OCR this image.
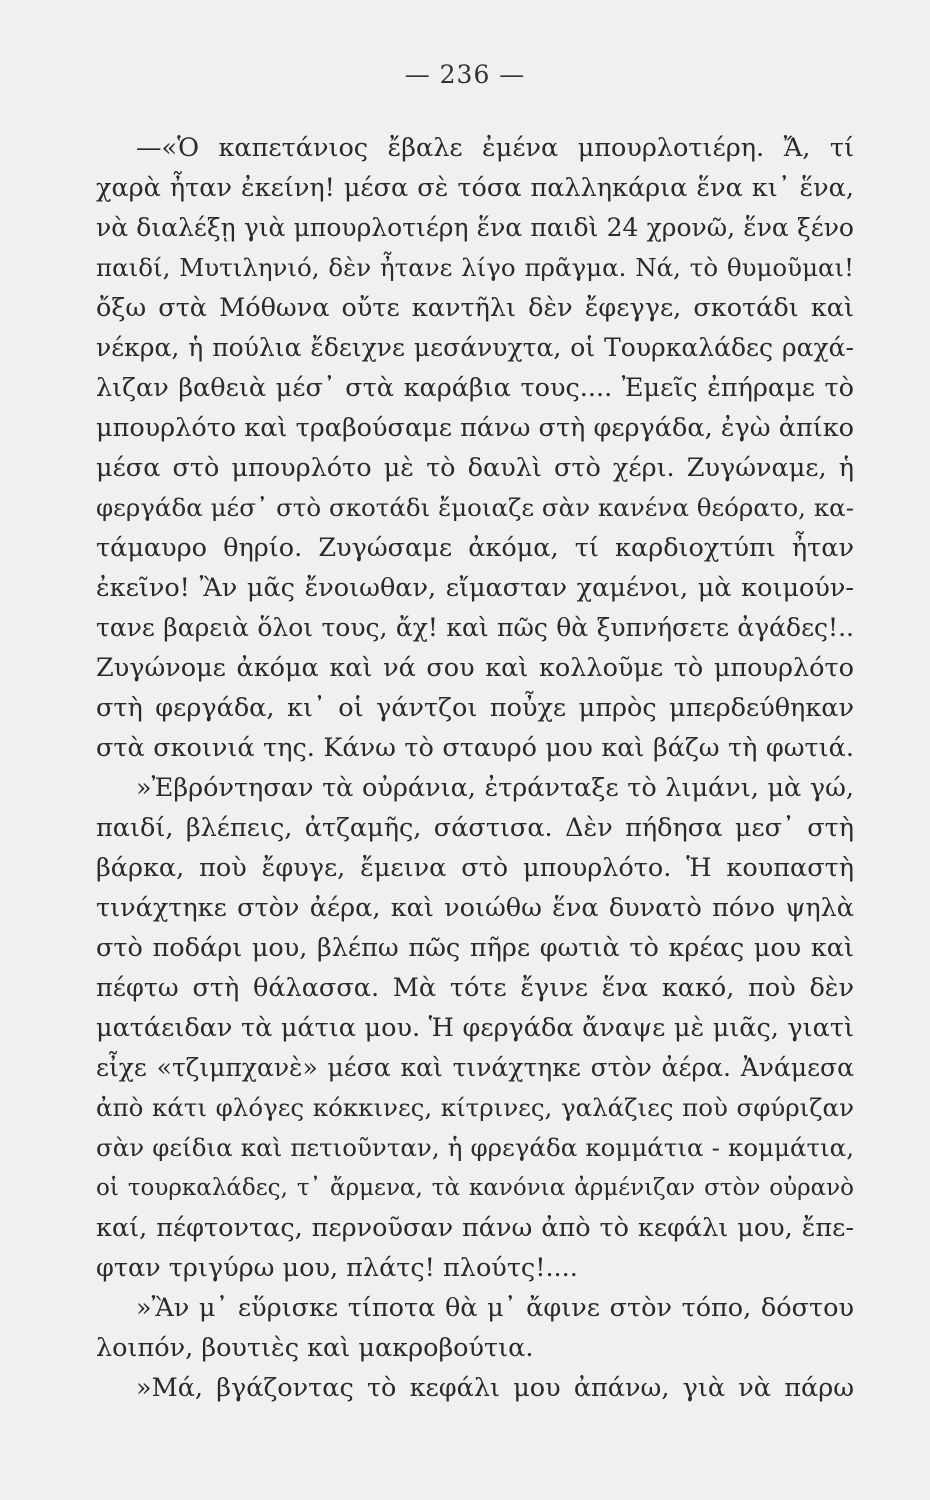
— 236 —
—«Ὁ καπετάνιος ἔβαλε ἐμένα μπουρλοτιέρη. Ἄ, τί
χαρὰ ἦταν ἐκείνη! μέσα σὲ τόσα παλληκάρια ἕνα κι᾽ ἕνα,
νὰ διαλέξῃ γιὰ μπουρλοτιέρη ἕνα παιδὶ 24 χρονῶ, ἕνα ξένο
παιδί, Μυτιληνιό, δὲν ἦτανε λίγο πρᾶγμα. Νά, τὸ θυμοῦμαι!
ὄξω στὰ Μόθωνα οὔτε καντῆλι δὲν ἔφεγγε, σκοτάδι καὶ
νέκρα, ἡ πούλια ἔδειχνε μεσάνυχτα, οἱ Τουρκαλάδες ραχά-
λιζαν βαθειὰ μέσ᾽ στὰ καράβια τους.... Ἐμεῖς ἐπήραμε τὸ
μπουρλότο καὶ τραβούσαμε πάνω στὴ φεργάδα, ἐγὼ ἀπίκο
μέσα στὸ μπουρλότο μὲ τὸ δαυλὶ στὸ χέρι. Ζυγώναμε, ἡ
φεργάδα μέσ᾽ στὸ σκοτάδι ἔμοιαζε σὰν κανένα θεόρατο, κα-
τάμαυρο θηρίο. Ζυγώσαμε ἀκόμα, τί καρδιοχτύπι ἦταν
ἐκεῖνο! Ἂν μᾶς ἔνοιωθαν, εἴμασταν χαμένοι, μὰ κοιμούν-
τανε βαρειὰ ὅλοι τους, ἄχ! καὶ πῶς θὰ ξυπνήσετε ἀγάδες!..
Ζυγώνομε ἀκόμα καὶ νά σου καὶ κολλοῦμε τὸ μπουρλότο
στὴ φεργάδα, κι᾽ οἱ γάντζοι ποὖχε μπρὸς μπερδεύθηκαν
στὰ σκοινιά της. Κάνω τὸ σταυρό μου καὶ βάζω τὴ φωτιά.
»Ἐβρόντησαν τὰ οὐράνια, ἐτράνταξε τὸ λιμάνι, μὰ γώ,
παιδί, βλέπεις, ἀτζαμῆς, σάστισα. Δὲν πήδησα μεσ᾽ στὴ
βάρκα, ποὺ ἔφυγε, ἔμεινα στὸ μπουρλότο. Ἡ κουπαστὴ
τινάχτηκε στὸν ἀέρα, καὶ νοιώθω ἕνα δυνατὸ πόνο ψηλὰ
στὸ ποδάρι μου, βλέπω πῶς πῆρε φωτιὰ τὸ κρέας μου καὶ
πέφτω στὴ θάλασσα. Μὰ τότε ἔγινε ἕνα κακό, ποὺ δὲν
ματάειδαν τὰ μάτια μου. Ἡ φεργάδα ἄναψε μὲ μιᾶς, γιατὶ
εἶχε «τζιμπχανὲ» μέσα καὶ τινάχτηκε στὸν ἀέρα. Ἀνάμεσα
ἀπὸ κάτι φλόγες κόκκινες, κίτρινες, γαλάζιες ποὺ σφύριζαν
σὰν φείδια καὶ πετιοῦνταν, ἡ φρεγάδα κομμάτια - κομμάτια,
οἱ τουρκαλάδες, τ᾽ ἄρμενα, τὰ κανόνια ἀρμένιζαν στὸν οὐρανὸ
καί, πέφτοντας, περνοῦσαν πάνω ἀπὸ τὸ κεφάλι μου, ἔπε-
φταν τριγύρω μου, πλάτς! πλούτς!....
»Ἂν μ᾽ εὕρισκε τίποτα θὰ μ᾽ ἄφινε στὸν τόπο, δόστου
λοιπόν, βουτιὲς καὶ μακροβούτια.
»Μά, βγάζοντας τὸ κεφάλι μου ἀπάνω, γιὰ νὰ πάρω
